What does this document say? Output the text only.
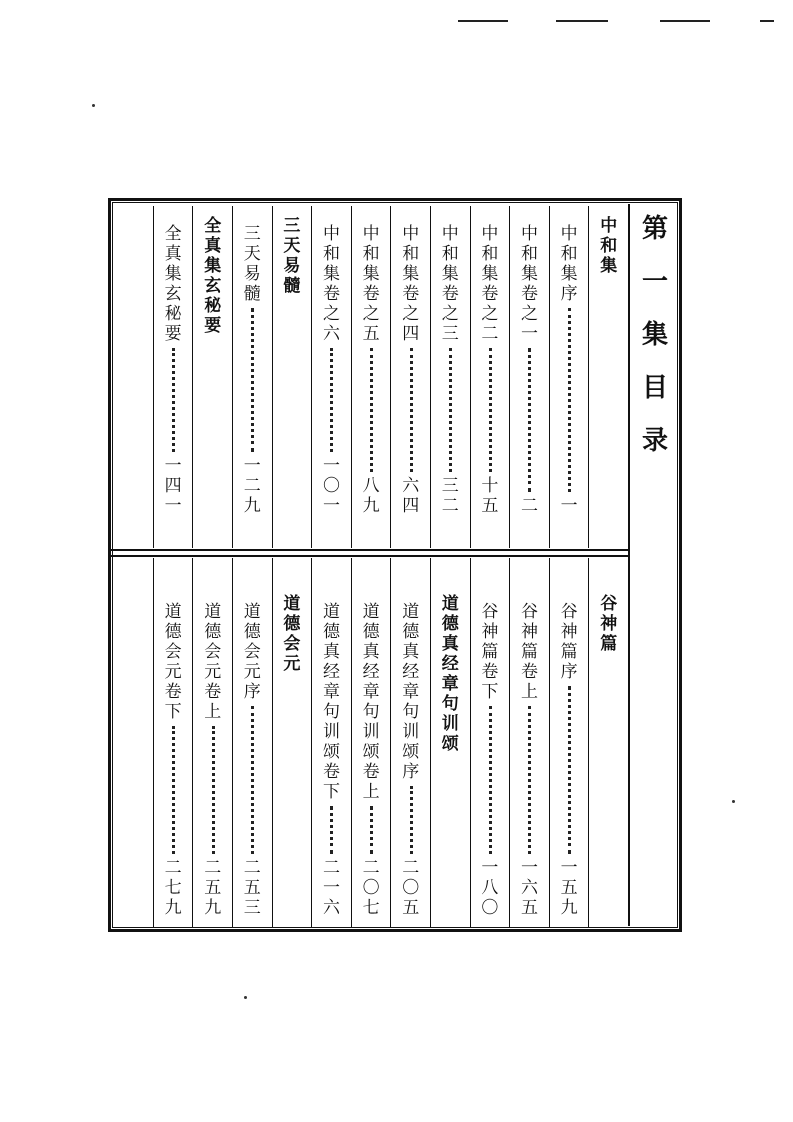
第
一
集
目
录
中
和
集
中
和
集
序
一
中
和
集
卷
之
一
二
中
和
集
卷
之
二
十
五
中
和
集
卷
之
三
三
二
中
和
集
卷
之
四
六
四
中
和
集
卷
之
五
八
九
中
和
集
卷
之
六
一
〇
一
三
天
易
髓
三
天
易
髓
一
二
九
全
真
集
玄
秘
要
全
真
集
玄
秘
要
一
四
一
谷
神
篇
谷
神
篇
序
一
五
九
谷
神
篇
卷
上
一
六
五
谷
神
篇
卷
下
一
八
〇
道
德
真
经
章
句
训
颂
道
德
真
经
章
句
训
颂
序
二
〇
五
道
德
真
经
章
句
训
颂
卷
上
二
〇
七
道
德
真
经
章
句
训
颂
卷
下
二
一
六
道
德
会
元
道
德
会
元
序
二
五
三
道
德
会
元
卷
上
二
五
九
道
德
会
元
卷
下
二
七
九
